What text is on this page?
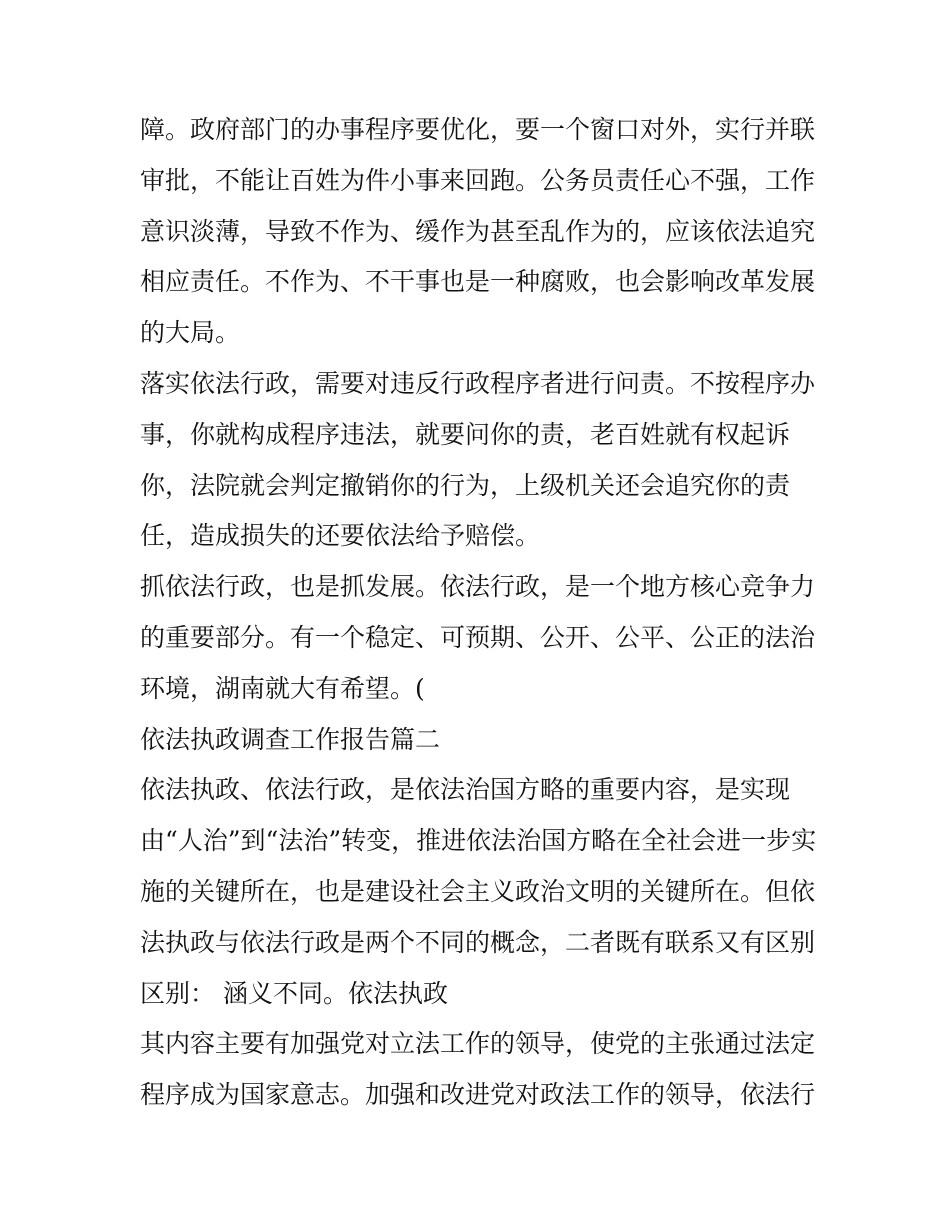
障。政府部门的办事程序要优化，要一个窗口对外，实行并联
审批，不能让百姓为件小事来回跑。公务员责任心不强，工作
意识淡薄，导致不作为、缓作为甚至乱作为的，应该依法追究
相应责任。不作为、不干事也是一种腐败，也会影响改革发展
的大局。
落实依法行政，需要对违反行政程序者进行问责。不按程序办
事，你就构成程序违法，就要问你的责，老百姓就有权起诉
你，法院就会判定撤销你的行为，上级机关还会追究你的责
任，造成损失的还要依法给予赔偿。
抓依法行政，也是抓发展。依法行政，是一个地方核心竞争力
的重要部分。有一个稳定、可预期、公开、公平、公正的法治
环境，湖南就大有希望。(
依法执政调查工作报告篇二
依法执政、依法行政，是依法治国方略的重要内容，是实现
由“人治”到“法治”转变，推进依法治国方略在全社会进一步实
施的关键所在，也是建设社会主义政治文明的关键所在。但依
法执政与依法行政是两个不同的概念，二者既有联系又有区别
区别： 涵义不同。依法执政
其内容主要有加强党对立法工作的领导，使党的主张通过法定
程序成为国家意志。加强和改进党对政法工作的领导，依法行
